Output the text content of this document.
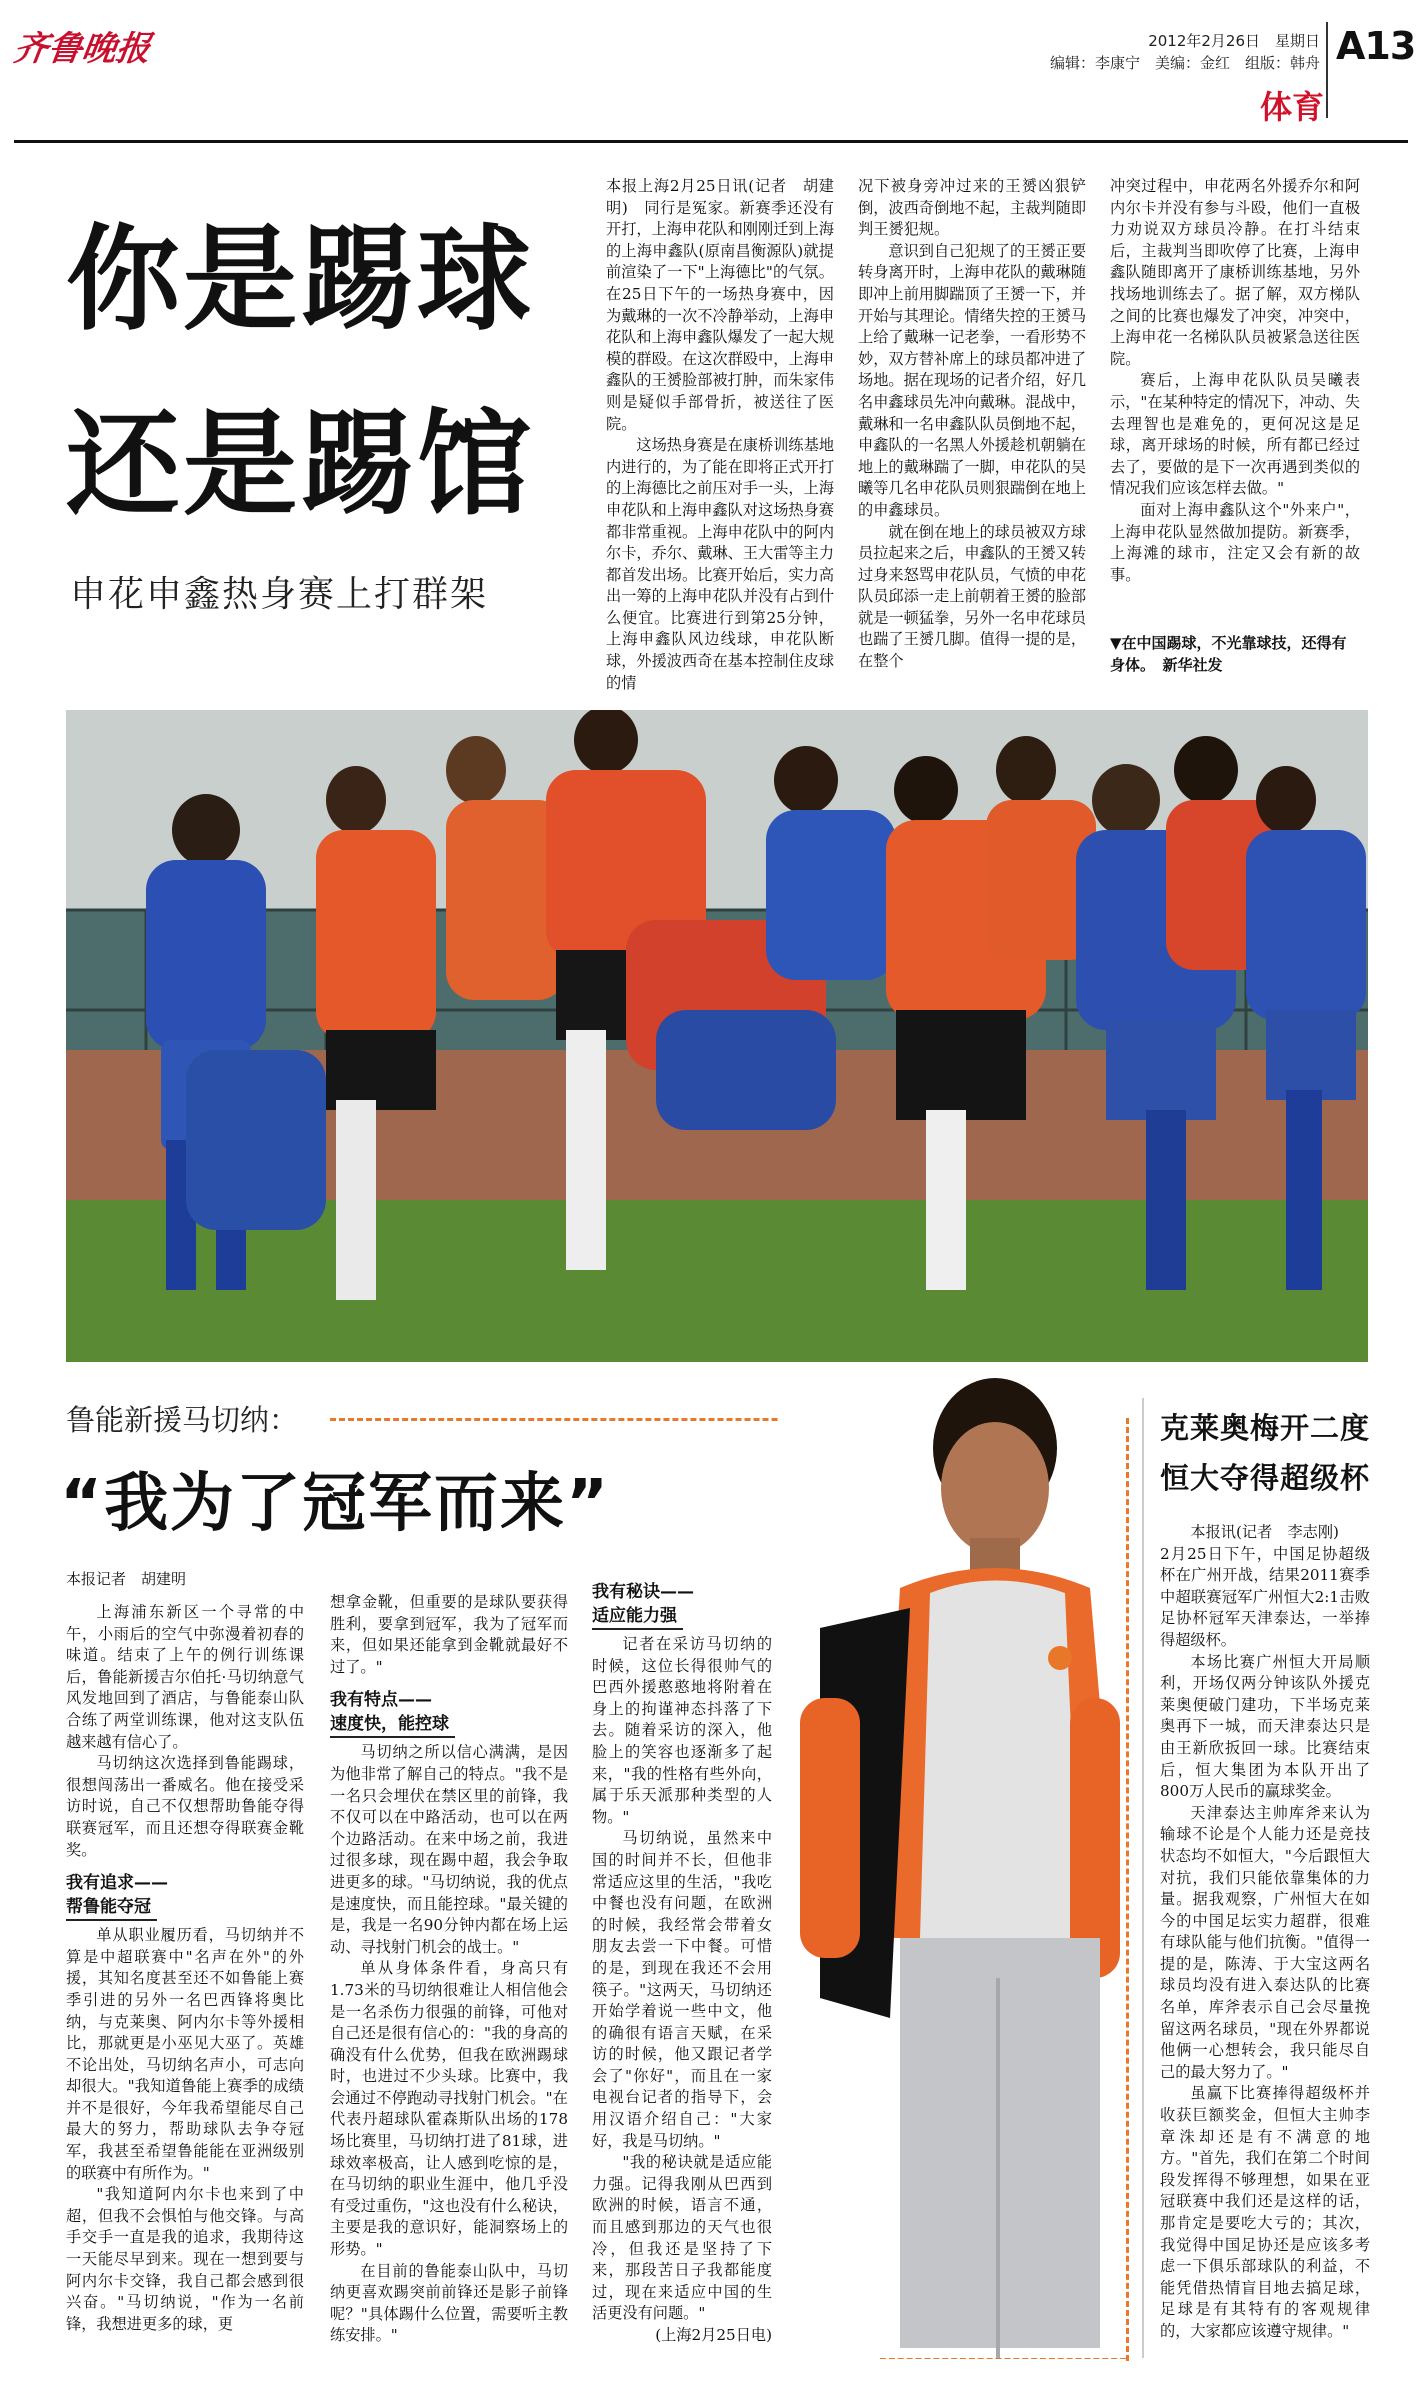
齐鲁晚报	2012年2月26日　星期日
编辑：李康宁　美编：金红　组版：韩舟 A13
体育
你是踢球
还是踢馆
申花申鑫热身赛上打群架

本报上海2月25日讯(记者　胡建明)　同行是冤家。新赛季还没有开打，上海申花队和刚刚迁到上海的上海申鑫队(原南昌衡源队)就提前渲染了一下"上海德比"的气氛。在25日下午的一场热身赛中，因为戴琳的一次不冷静举动，上海申花队和上海申鑫队爆发了一起大规模的群殴。在这次群殴中，上海申鑫队的王赟脸部被打肿，而朱家伟则是疑似手部骨折，被送往了医院。

这场热身赛是在康桥训练基地内进行的，为了能在即将正式开打的上海德比之前压对手一头，上海申花队和上海申鑫队对这场热身赛都非常重视。上海申花队中的阿内尔卡，乔尔、戴琳、王大雷等主力都首发出场。比赛开始后，实力高出一筹的上海申花队并没有占到什么便宜。比赛进行到第25分钟，上海申鑫队风边线球，申花队断球，外援波西奇在基本控制住皮球的情

况下被身旁冲过来的王赟凶狠铲倒，波西奇倒地不起，主裁判随即判王赟犯规。

意识到自己犯规了的王赟正要转身离开时，上海申花队的戴琳随即冲上前用脚踹顶了王赟一下，并开始与其理论。情绪失控的王赟马上给了戴琳一记老拳，一看形势不妙，双方替补席上的球员都冲进了场地。据在现场的记者介绍，好几名申鑫球员先冲向戴琳。混战中，戴琳和一名申鑫队队员倒地不起，申鑫队的一名黑人外援趁机朝躺在地上的戴琳踹了一脚，申花队的吴曦等几名申花队员则狠踹倒在地上的申鑫球员。

就在倒在地上的球员被双方球员拉起来之后，申鑫队的王赟又转过身来怒骂申花队员，气愤的申花队员邱添一走上前朝着王赟的脸部就是一顿猛拳，另外一名申花球员也踹了王赟几脚。值得一提的是，在整个

冲突过程中，申花两名外援乔尔和阿内尔卡并没有参与斗殴，他们一直极力劝说双方球员冷静。在打斗结束后，主裁判当即吹停了比赛，上海申鑫队随即离开了康桥训练基地，另外找场地训练去了。据了解，双方梯队之间的比赛也爆发了冲突，冲突中，上海申花一名梯队队员被紧急送往医院。

赛后，上海申花队队员吴曦表示，"在某种特定的情况下，冲动、失去理智也是难免的，更何况这是足球，离开球场的时候，所有都已经过去了，要做的是下一次再遇到类似的情况我们应该怎样去做。"

面对上海申鑫队这个"外来户"，上海申花队显然做加提防。新赛季，上海滩的球市，注定又会有新的故事。

▼在中国踢球，不光靠球技，还得有身体。　新华社发
鲁能新援马切纳：
“我为了冠军而来”
本报记者　胡建明

上海浦东新区一个寻常的中午，小雨后的空气中弥漫着初春的味道。结束了上午的例行训练课后，鲁能新援吉尔伯托·马切纳意气风发地回到了酒店，与鲁能泰山队合练了两堂训练课，他对这支队伍越来越有信心了。

马切纳这次选择到鲁能踢球，很想闯荡出一番威名。他在接受采访时说，自己不仅想帮助鲁能夺得联赛冠军，而且还想夺得联赛金靴奖。

我有追求——
帮鲁能夺冠

单从职业履历看，马切纳并不算是中超联赛中"名声在外"的外援，其知名度甚至还不如鲁能上赛季引进的另外一名巴西锋将奥比纳，与克莱奥、阿内尔卡等外援相比，那就更是小巫见大巫了。英雄不论出处，马切纳名声小，可志向却很大。"我知道鲁能上赛季的成绩并不是很好，今年我希望能尽自己最大的努力，帮助球队去争夺冠军，我甚至希望鲁能能在亚洲级别的联赛中有所作为。"

"我知道阿内尔卡也来到了中超，但我不会惧怕与他交锋。与高手交手一直是我的追求，我期待这一天能尽早到来。现在一想到要与阿内尔卡交锋，我自己都会感到很兴奋。"马切纳说，"作为一名前锋，我想进更多的球，更

想拿金靴，但重要的是球队要获得胜利，要拿到冠军，我为了冠军而来，但如果还能拿到金靴就最好不过了。"

我有特点——
速度快，能控球

马切纳之所以信心满满，是因为他非常了解自己的特点。"我不是一名只会埋伏在禁区里的前锋，我不仅可以在中路活动，也可以在两个边路活动。在来中场之前，我进过很多球，现在踢中超，我会争取进更多的球。"马切纳说，我的优点是速度快，而且能控球。"最关键的是，我是一名90分钟内都在场上运动、寻找射门机会的战士。"

单从身体条件看，身高只有1.73米的马切纳很难让人相信他会是一名杀伤力很强的前锋，可他对自己还是很有信心的："我的身高的确没有什么优势，但我在欧洲踢球时，也进过不少头球。比赛中，我会通过不停跑动寻找射门机会。"在代表丹超球队霍森斯队出场的178场比赛里，马切纳打进了81球，进球效率极高，让人感到吃惊的是，在马切纳的职业生涯中，他几乎没有受过重伤，"这也没有什么秘诀，主要是我的意识好，能洞察场上的形势。"

在目前的鲁能泰山队中，马切纳更喜欢踢突前前锋还是影子前锋呢？"具体踢什么位置，需要听主教练安排。"

我有秘诀——
适应能力强

记者在采访马切纳的时候，这位长得很帅气的巴西外援憨憨地将附着在身上的拘谨神态抖落了下去。随着采访的深入，他脸上的笑容也逐渐多了起来，"我的性格有些外向，属于乐天派那种类型的人物。"

马切纳说，虽然来中国的时间并不长，但他非常适应这里的生活，"我吃中餐也没有问题，在欧洲的时候，我经常会带着女朋友去尝一下中餐。可惜的是，到现在我还不会用筷子。"这两天，马切纳还开始学着说一些中文，他的确很有语言天赋，在采访的时候，他又跟记者学会了"你好"，而且在一家电视台记者的指导下，会用汉语介绍自己："大家好，我是马切纳。"

"我的秘诀就是适应能力强。记得我刚从巴西到欧洲的时候，语言不通，而且感到那边的天气也很冷，但我还是坚持了下来，那段苦日子我都能度过，现在来适应中国的生活更没有问题。"

(上海2月25日电)

克莱奥梅开二度
恒大夺得超级杯

本报讯(记者　李志刚)

2月25日下午，中国足协超级杯在广州开战，结果2011赛季中超联赛冠军广州恒大2:1击败足协杯冠军天津泰达，一举捧得超级杯。

本场比赛广州恒大开局顺利，开场仅两分钟该队外援克莱奥便破门建功，下半场克莱奥再下一城，而天津泰达只是由王新欣扳回一球。比赛结束后，恒大集团为本队开出了800万人民币的赢球奖金。

天津泰达主帅库斧来认为输球不论是个人能力还是竞技状态均不如恒大，"今后跟恒大对抗，我们只能依靠集体的力量。据我观察，广州恒大在如今的中国足坛实力超群，很难有球队能与他们抗衡。"值得一提的是，陈涛、于大宝这两名球员均没有进入泰达队的比赛名单，库斧表示自己会尽量挽留这两名球员，"现在外界都说他俩一心想转会，我只能尽自己的最大努力了。"

虽赢下比赛捧得超级杯并收获巨额奖金，但恒大主帅李章洙却还是有不满意的地方。"首先，我们在第二个时间段发挥得不够理想，如果在亚冠联赛中我们还是这样的话，那肯定是要吃大亏的；其次，我觉得中国足协还是应该多考虑一下俱乐部球队的利益，不能凭借热情盲目地去搞足球，足球是有其特有的客观规律的，大家都应该遵守规律。"
